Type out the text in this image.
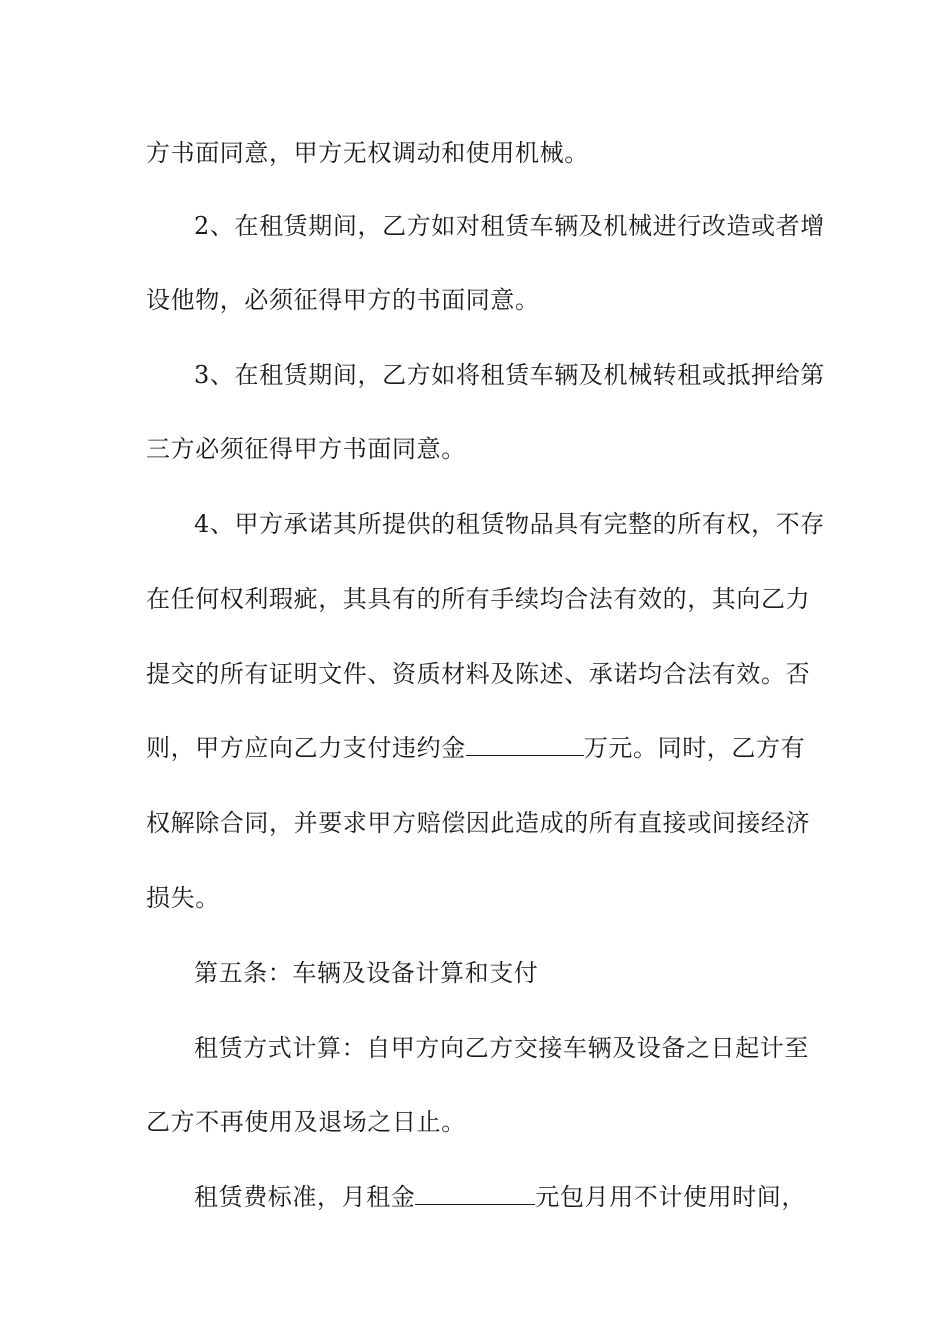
方书面同意，甲方无权调动和使用机械。
2、在租赁期间，乙方如对租赁车辆及机械进行改造或者增
设他物，必须征得甲方的书面同意。
3、在租赁期间，乙方如将租赁车辆及机械转租或抵押给第
三方必须征得甲方书面同意。
4、甲方承诺其所提供的租赁物品具有完整的所有权，不存
在任何权利瑕疵，其具有的所有手续均合法有效的，其向乙力
提交的所有证明文件、资质材料及陈述、承诺均合法有效。否
则，甲方应向乙力支付违约金	万元。同时，乙方有
权解除合同，并要求甲方赔偿因此造成的所有直接或间接经济
损失。
第五条：车辆及设备计算和支付
租赁方式计算：自甲方向乙方交接车辆及设备之日起计至
乙方不再使用及退场之日止。
租赁费标准，月租金	元包月用不计使用时间，
